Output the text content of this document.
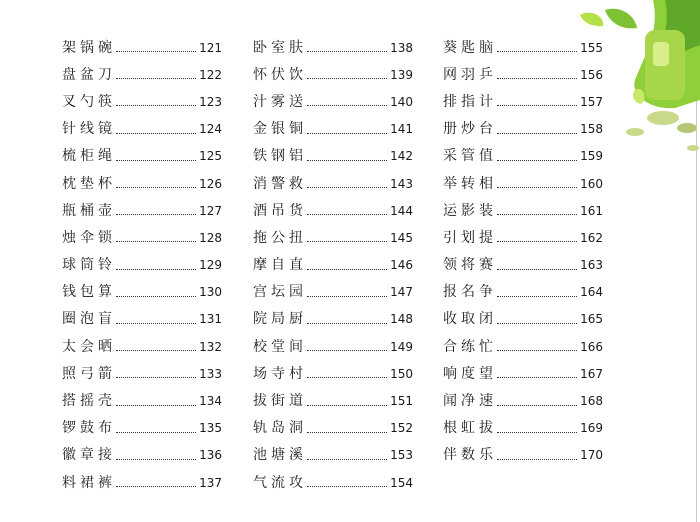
架锅碗	121
盘盆刀	122
叉勺筷	123
针线镜	124
梳柜绳	125
枕垫杯	126
瓶桶壶	127
烛伞锁	128
球筒铃	129
钱包算	130
圈泡盲	131
太会晒	132
照弓箭	133
搭摇壳	134
锣鼓布	135
徽章接	136
料裙裤	137
卧室肤	138
怀伏饮	139
汁雾送	140
金银铜	141
铁钢铝	142
消警救	143
酒吊货	144
拖公扭	145
摩自直	146
宫坛园	147
院局厨	148
校堂间	149
场寺村	150
拔街道	151
轨岛洞	152
池塘溪	153
气流攻	154
葵匙脑	155
网羽乒	156
排指计	157
册炒台	158
采管值	159
举转相	160
运影装	161
引划提	162
领将赛	163
报名争	164
收取闭	165
合练忙	166
响度望	167
闻净速	168
根虹拔	169
伴数乐	170
